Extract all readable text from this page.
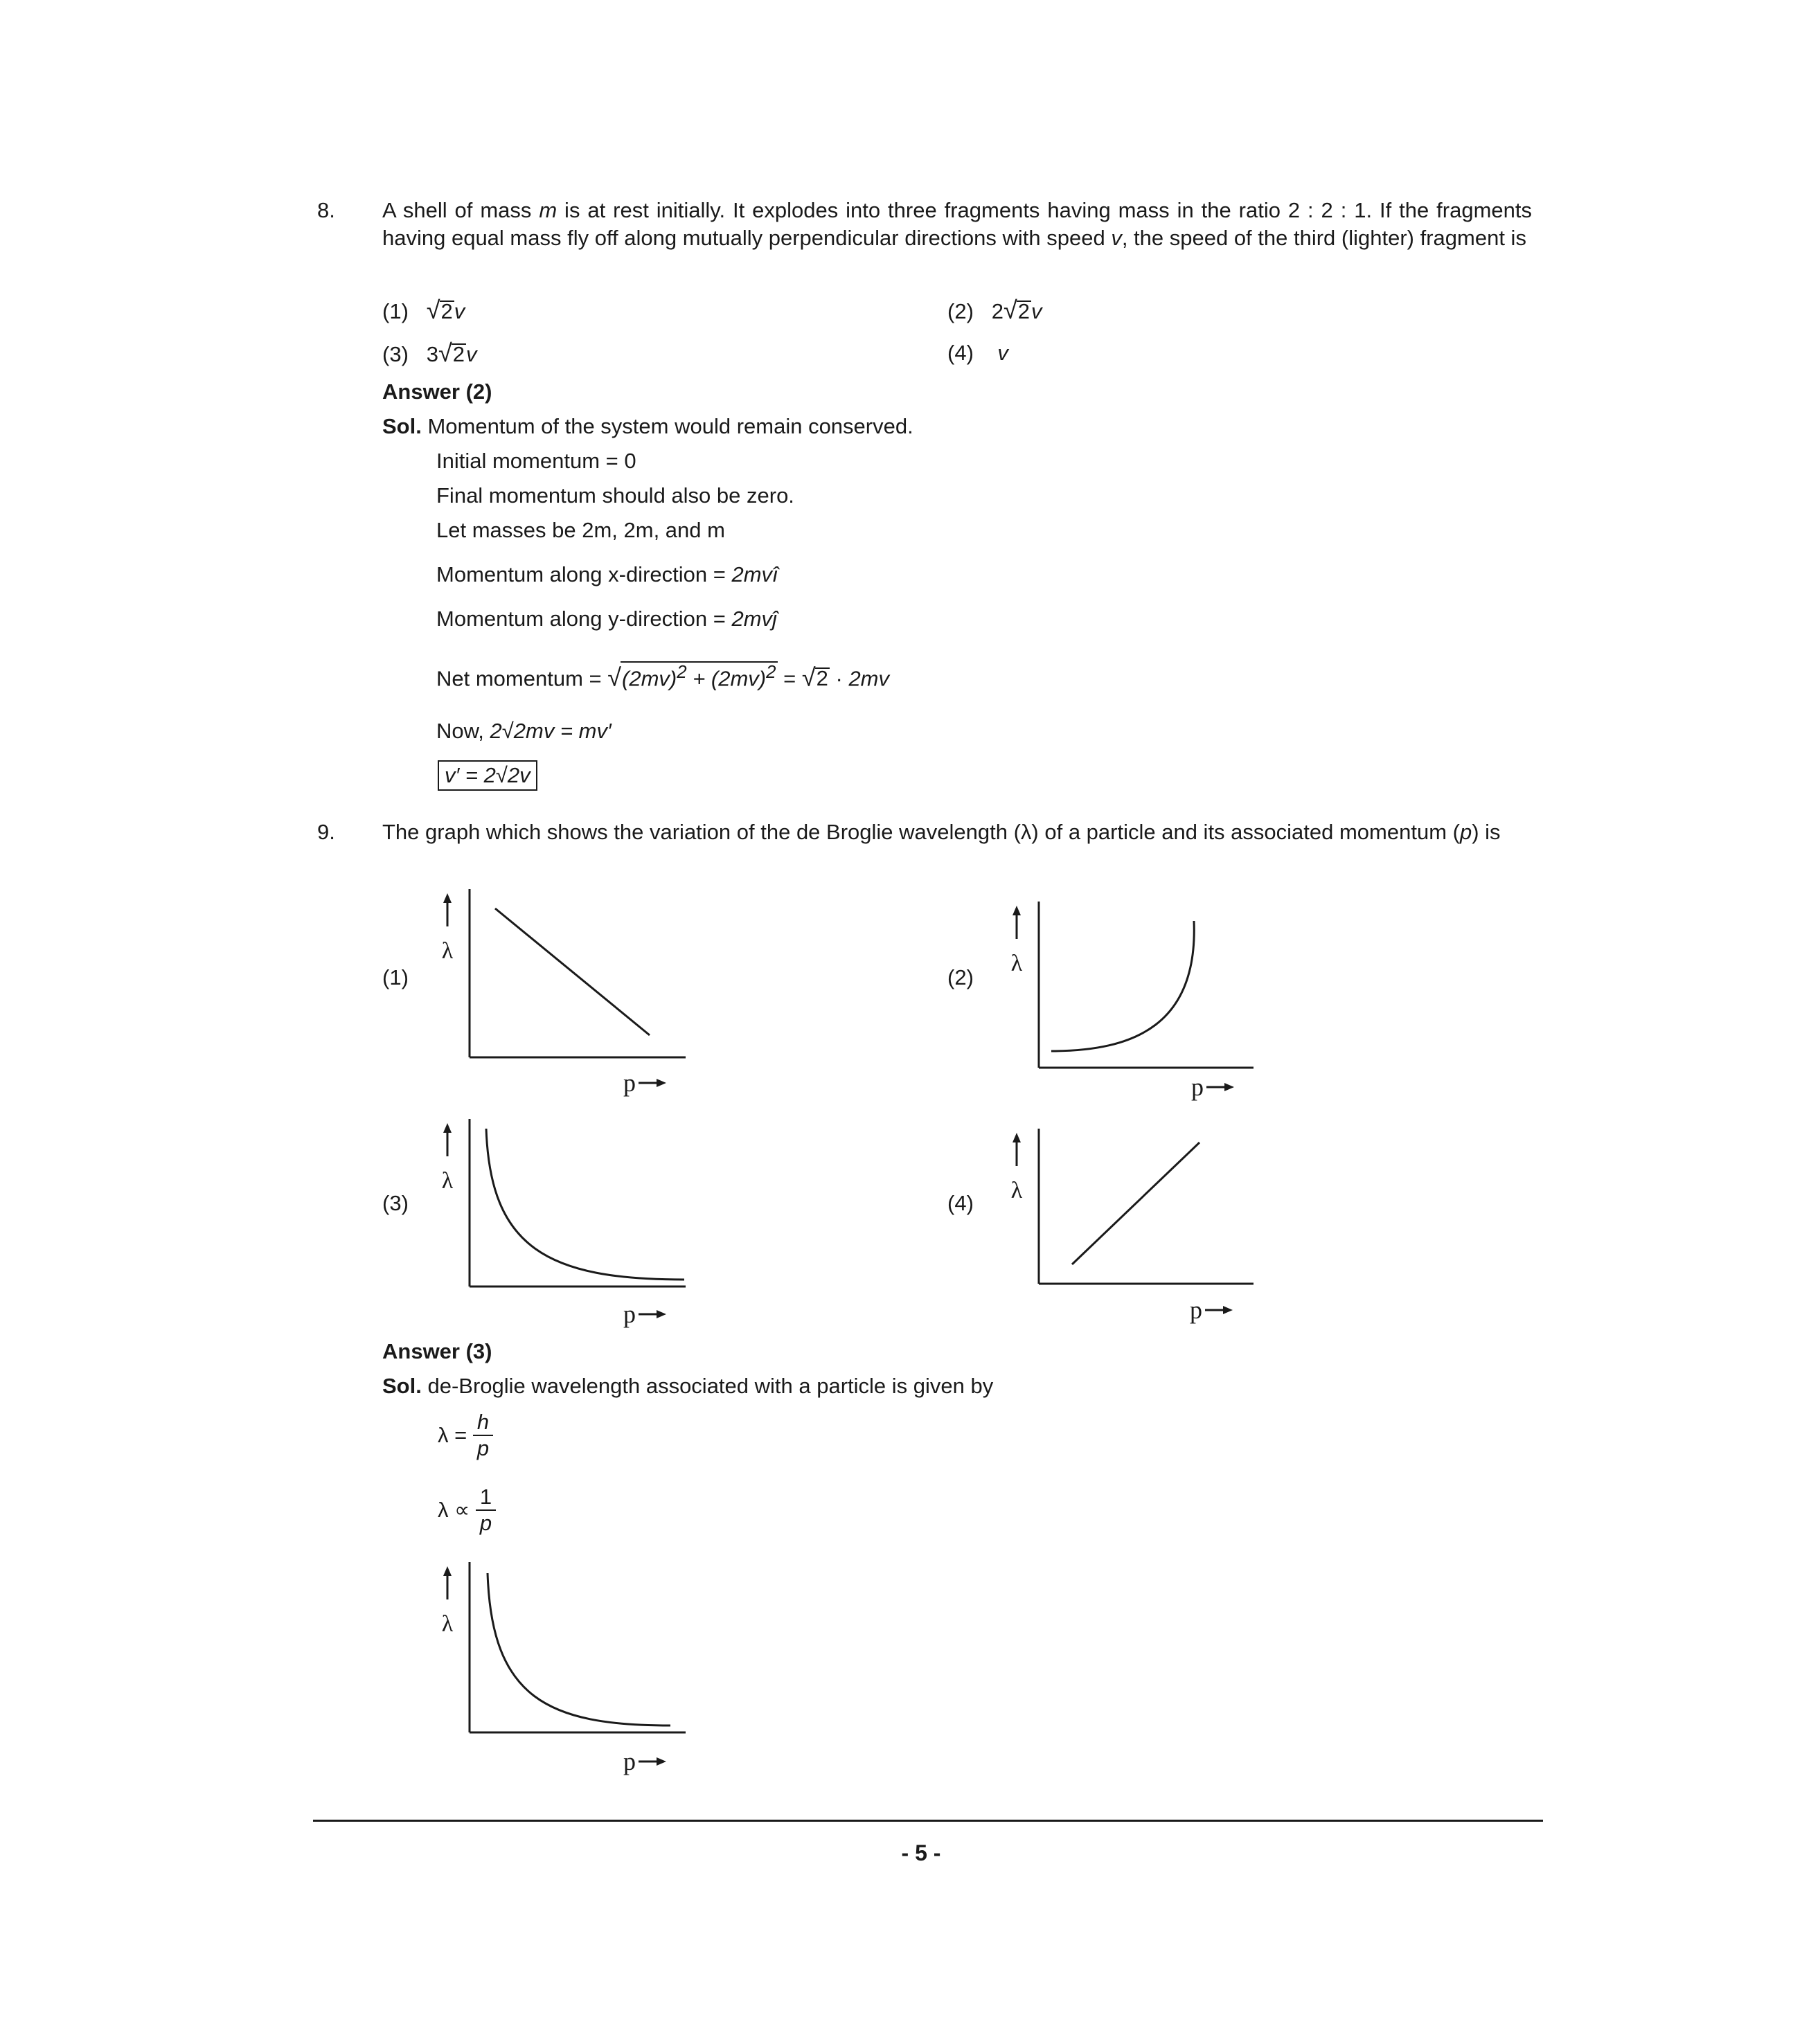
8. A shell of mass m is at rest initially. It explodes into three fragments having mass in the ratio 2 : 2 : 1. If the fragments having equal mass fly off along mutually perpendicular directions with speed v, the speed of the third (lighter) fragment is
(1) √2v	(2) 2√2v
(3) 3√2v	(4) v
Answer (2)
Sol. Momentum of the system would remain conserved.
Initial momentum = 0
Final momentum should also be zero.
Let masses be 2m, 2m, and m
Momentum along x-direction = 2mvî
Momentum along y-direction = 2mvĵ
Net momentum = $√(2mv)^2 + (2mv)^2 = √2 \cdot 2mv$
Now, 2√2mv = mv′
v′ = 2√2v
9. The graph which shows the variation of the de Broglie wavelength (λ) of a particle and its associated momentum (p) is
(1)	(2)
(3)	(4)
λ
p
λ
p
λ
p
λ
p
Answer (3)
Sol. de-Broglie wavelength associated with a particle is given by
$\lambda = \frac{h}{p}$
$\lambda \propto \frac{1}{p}$
λ
p
- 5 -
